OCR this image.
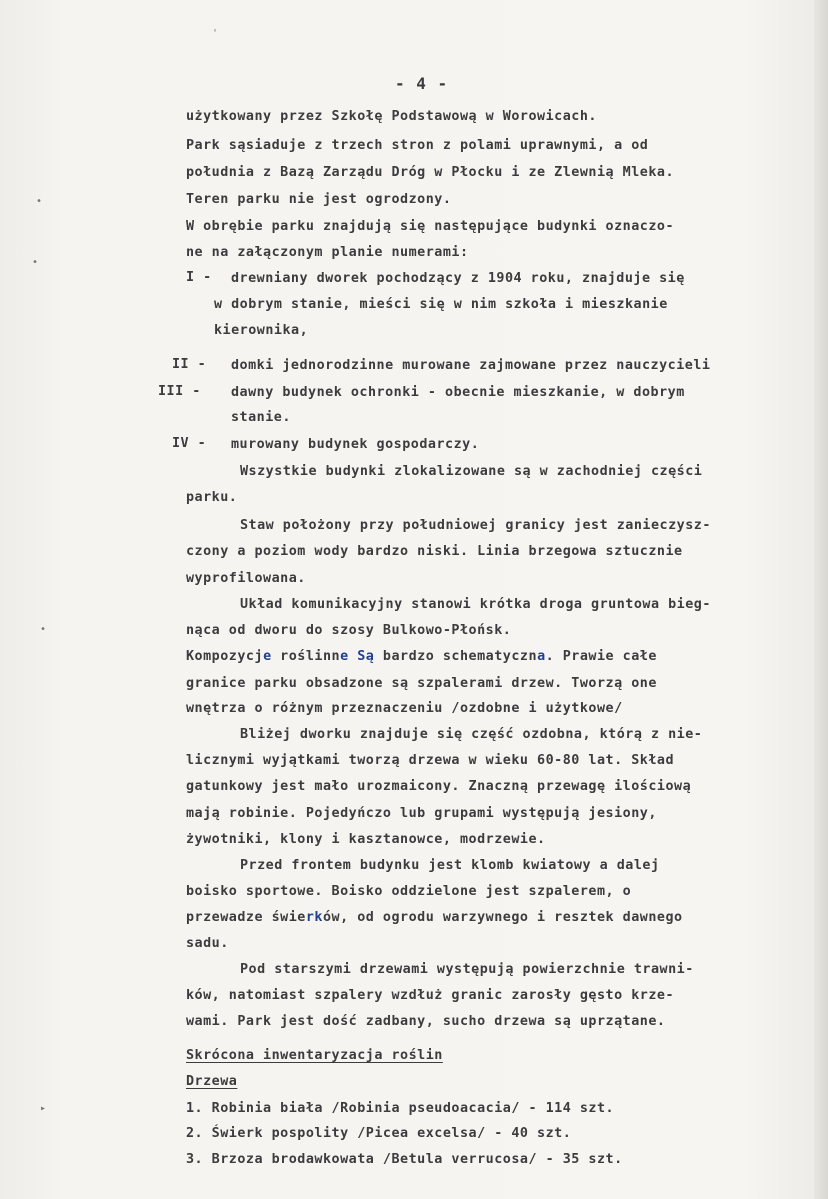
'
•
•
•
▸
- 4 -
użytkowany przez Szkołę Podstawową w Worowicach.
Park sąsiaduje z trzech stron z polami uprawnymi, a od
południa z Bazą Zarządu Dróg w Płocku i ze Zlewnią Mleka.
Teren parku nie jest ogrodzony.
W obrębie parku znajdują się następujące budynki oznaczo-
ne na załączonym planie numerami:
I - drewniany dworek pochodzący z 1904 roku, znajduje się
w dobrym stanie, mieści się w nim szkoła i mieszkanie
kierownika,
II - domki jednorodzinne murowane zajmowane przez nauczycieli
III - dawny budynek ochronki - obecnie mieszkanie, w dobrym
stanie.
IV - murowany budynek gospodarczy.
Wszystkie budynki zlokalizowane są w zachodniej części
parku.
Staw położony przy południowej granicy jest zanieczysz-
czony a poziom wody bardzo niski. Linia brzegowa sztucznie
wyprofilowana.
Układ komunikacyjny stanowi krótka droga gruntowa bieg-
nąca od dworu do szosy Bulkowo-Płońsk.
Kompozycje roślinne Są bardzo schematyczna. Prawie całe
granice parku obsadzone są szpalerami drzew. Tworzą one
wnętrza o różnym przeznaczeniu /ozdobne i użytkowe/
Bliżej dworku znajduje się część ozdobna, którą z nie-
licznymi wyjątkami tworzą drzewa w wieku 60-80 lat. Skład
gatunkowy jest mało urozmaicony. Znaczną przewagę ilościową
mają robinie. Pojedyńczo lub grupami występują jesiony,
żywotniki, klony i kasztanowce, modrzewie.
Przed frontem budynku jest klomb kwiatowy a dalej
boisko sportowe. Boisko oddzielone jest szpalerem, o
przewadze świerków, od ogrodu warzywnego i resztek dawnego
sadu.
Pod starszymi drzewami występują powierzchnie trawni-
ków, natomiast szpalery wzdłuż granic zarosły gęsto krze-
wami. Park jest dość zadbany, sucho drzewa są uprzątane.
Skrócona inwentaryzacja roślin
Drzewa
1. Robinia biała /Robinia pseudoacacia/ - 114 szt.
2. Świerk pospolity /Picea excelsa/ - 40 szt.
3. Brzoza brodawkowata /Betula verrucosa/ - 35 szt.
